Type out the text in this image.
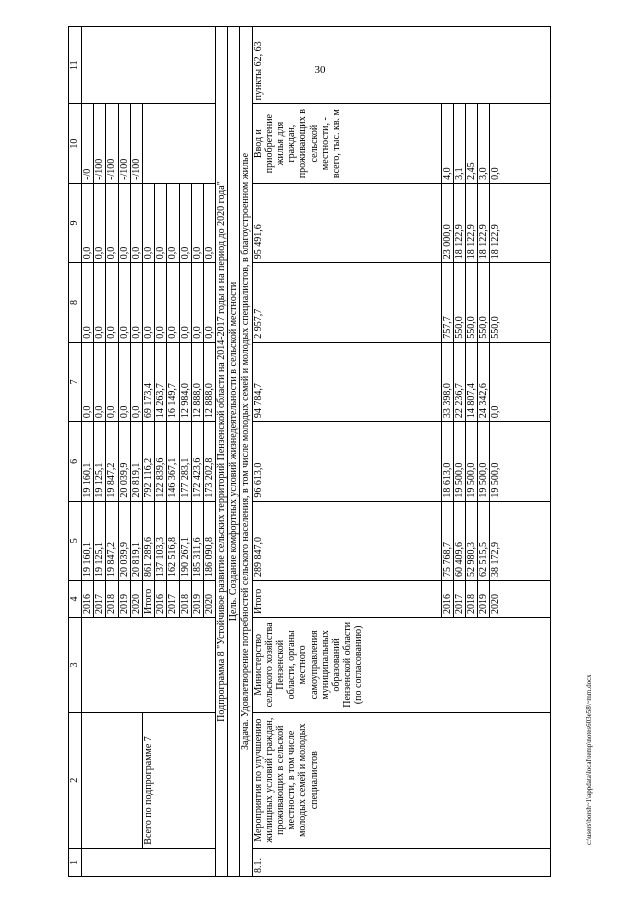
30
1	2	3	4	5	6	7	8	9	10	11
			2016	19 160,1	19 160,1	0,0	0,0	0,0	-/0	
			2017	19 125,1	19 125,1	0,0	0,0	0,0	-/100	
			2018	19 847,2	19 847,2	0,0	0,0	0,0	-/100	
			2019	20 039,9	20 039,9	0,0	0,0	0,0	-/100	
			2020	20 819,1	20 819,1	0,0	0,0	0,0	-/100	
	Всего по подпрограмме 7		Итого	861 289,6	792 116,2	69 173,4	0,0	0,0		
			2016	137 103,3	122 839,6	14 263,7	0,0	0,0		
			2017	162 516,8	146 367,1	16 149,7	0,0	0,0		
			2018	190 267,1	177 283,1	12 984,0	0,0	0,0		
			2019	185 311,6	172 423,6	12 888,0	0,0	0,0		
			2020	186 090,8	173 202,8	12 888,0	0,0	0,0		
Подпрограмма 8 "Устойчивое развитие сельских территорий Пензенской области на 2014-2017 годы и на период до 2020 года"										
Цель. Создание комфортных условий жизнедеятельности в сельской местности										
Задача. Удовлетворение потребностей сельского населения, в том числе молодых семей и молодых специалистов, в благоустроенном жилье										
8.1.	Мероприятия по улучшению жилищных условий граждан, проживающих в сельской местности, в том числе молодых семей и молодых специалистов	Министерство сельского хозяйства Пензенской области, органы местного самоуправления муниципальных образований Пензенской области (по согласованию)	Итого	289 847,0	96 613,0	94 784,7	2 957,7	95 491,6	Ввод и приобретение жилья для граждан, проживающих в сельской местности, - всего, тыс. кв. м	пункты 62, 63
			2016	75 768,7	18 613,0	33 398,0	757,7	23 000,0	4,0	
			2017	60 409,6	19 500,0	22 236,7	550,0	18 122,9	3,1	
			2018	52 980,3	19 500,0	14 807,4	550,0	18 122,9	2,45	
			2019	62 515,5	19 500,0	24 342,6	550,0	18 122,9	3,0	
			2020	38 172,9	19 500,0	0,0	550,0	18 122,9	0,0	
c:\users\borsh~1\appdata\local\temp\notes603e58\~mm.docx
